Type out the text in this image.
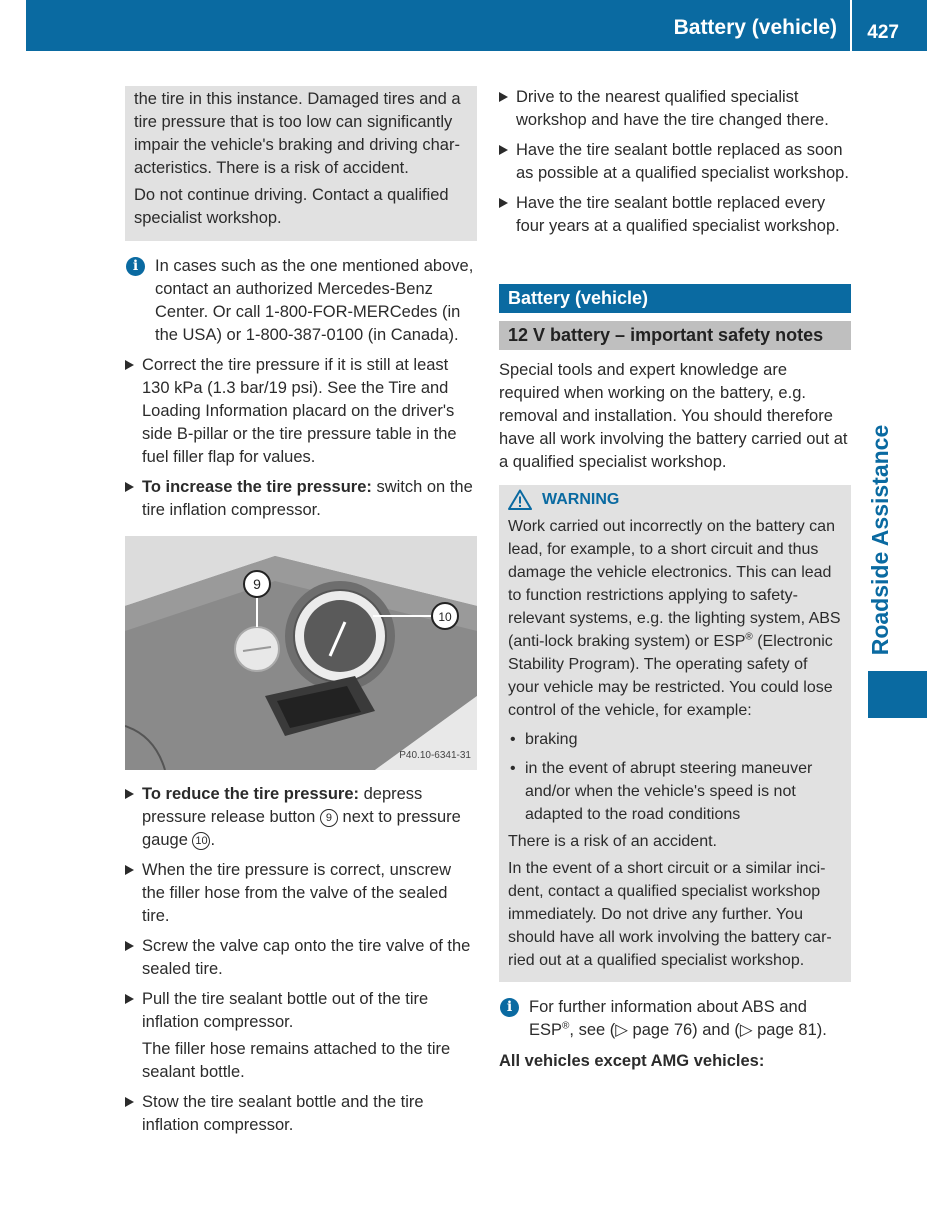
Battery (vehicle) 427
Roadside Assistance

the tire in this instance. Damaged tires and a tire pressure that is too low can significantly impair the vehicle's braking and driving characteristics. There is a risk of accident.

Do not continue driving. Contact a qualified specialist workshop.

i	In cases such as the one mentioned above, contact an authorized Mercedes-Benz Center. Or call 1-800-FOR-MERCedes (in the USA) or 1-800-387-0100 (in Canada).
Correct the tire pressure if it is still at least 130 kPa (1.3 bar/19 psi). See the Tire and Loading Information placard on the driver's side B-pillar or the tire pressure table in the fuel filler flap for values.
To increase the tire pressure: switch on the tire inflation compressor.
9
10
P40.10-6341-31
To reduce the tire pressure: depress pressure release button 9 next to pressure gauge 10 .
When the tire pressure is correct, unscrew the filler hose from the valve of the sealed tire.
Screw the valve cap onto the tire valve of the sealed tire.
Pull the tire sealant bottle out of the tire inflation compressor.
The filler hose remains attached to the tire sealant bottle.
Stow the tire sealant bottle and the tire inflation compressor.
Drive to the nearest qualified specialist workshop and have the tire changed there.
Have the tire sealant bottle replaced as soon as possible at a qualified specialist workshop.
Have the tire sealant bottle replaced every four years at a qualified specialist workshop.
Battery (vehicle)
12 V battery – important safety notes
Special tools and expert knowledge are required when working on the battery, e.g. removal and installation. You should therefore have all work involving the battery carried out at a qualified specialist workshop.
WARNING

Work carried out incorrectly on the battery can lead, for example, to a short circuit and thus damage the vehicle electronics. This can lead to function restrictions applying to safety-relevant systems, e.g. the lighting system, ABS (anti-lock braking system) or ESP® (Electronic Stability Program). The operating safety of your vehicle may be restricted. You could lose control of the vehicle, for example:

• braking
• in the event of abrupt steering maneuver and/or when the vehicle's speed is not adapted to the road conditions

There is a risk of an accident.

In the event of a short circuit or a similar incident, contact a qualified specialist workshop immediately. Do not drive any further. You should have all work involving the battery carried out at a qualified specialist workshop.

i	For further information about ABS and ESP®, see (▷ page 76) and (▷ page 81).
All vehicles except AMG vehicles:
